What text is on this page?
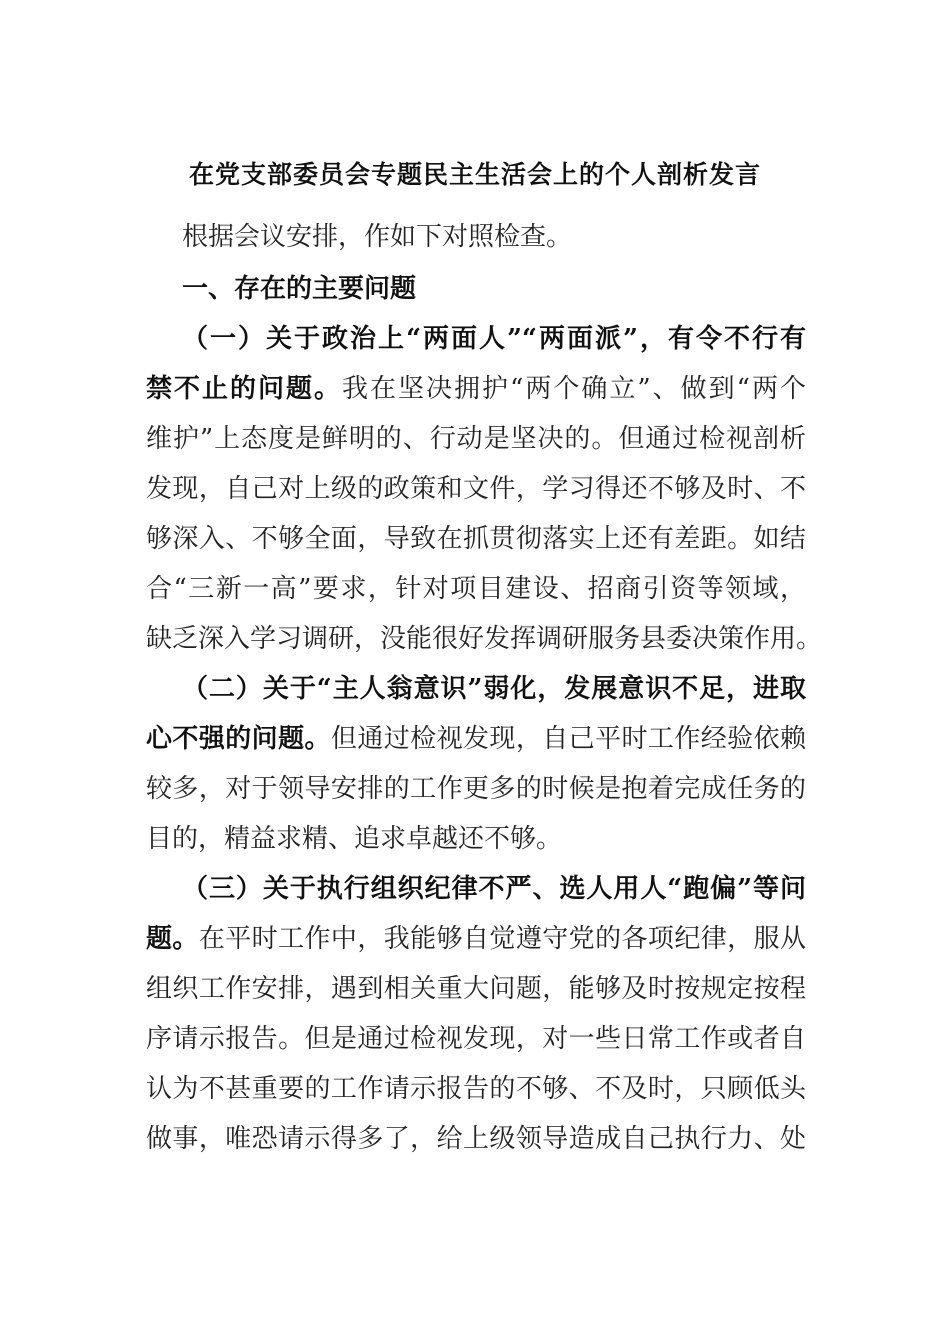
在党支部委员会专题民主生活会上的个人剖析发言
根据会议安排，作如下对照检查。
一、存在的主要问题
（一）关于政治上“两面人”“两面派”，有令不行有
禁不止的问题。我在坚决拥护“两个确立”、做到“两个
维护”上态度是鲜明的、行动是坚决的。但通过检视剖析
发现，自己对上级的政策和文件，学习得还不够及时、不
够深入、不够全面，导致在抓贯彻落实上还有差距。如结
合“三新一高”要求，针对项目建设、招商引资等领域，
缺乏深入学习调研，没能很好发挥调研服务县委决策作用。
（二）关于“主人翁意识”弱化，发展意识不足，进取
心不强的问题。但通过检视发现，自己平时工作经验依赖
较多，对于领导安排的工作更多的时候是抱着完成任务的
目的，精益求精、追求卓越还不够。
（三）关于执行组织纪律不严、选人用人“跑偏”等问
题。在平时工作中，我能够自觉遵守党的各项纪律，服从
组织工作安排，遇到相关重大问题，能够及时按规定按程
序请示报告。但是通过检视发现，对一些日常工作或者自
认为不甚重要的工作请示报告的不够、不及时，只顾低头
做事，唯恐请示得多了，给上级领导造成自己执行力、处
